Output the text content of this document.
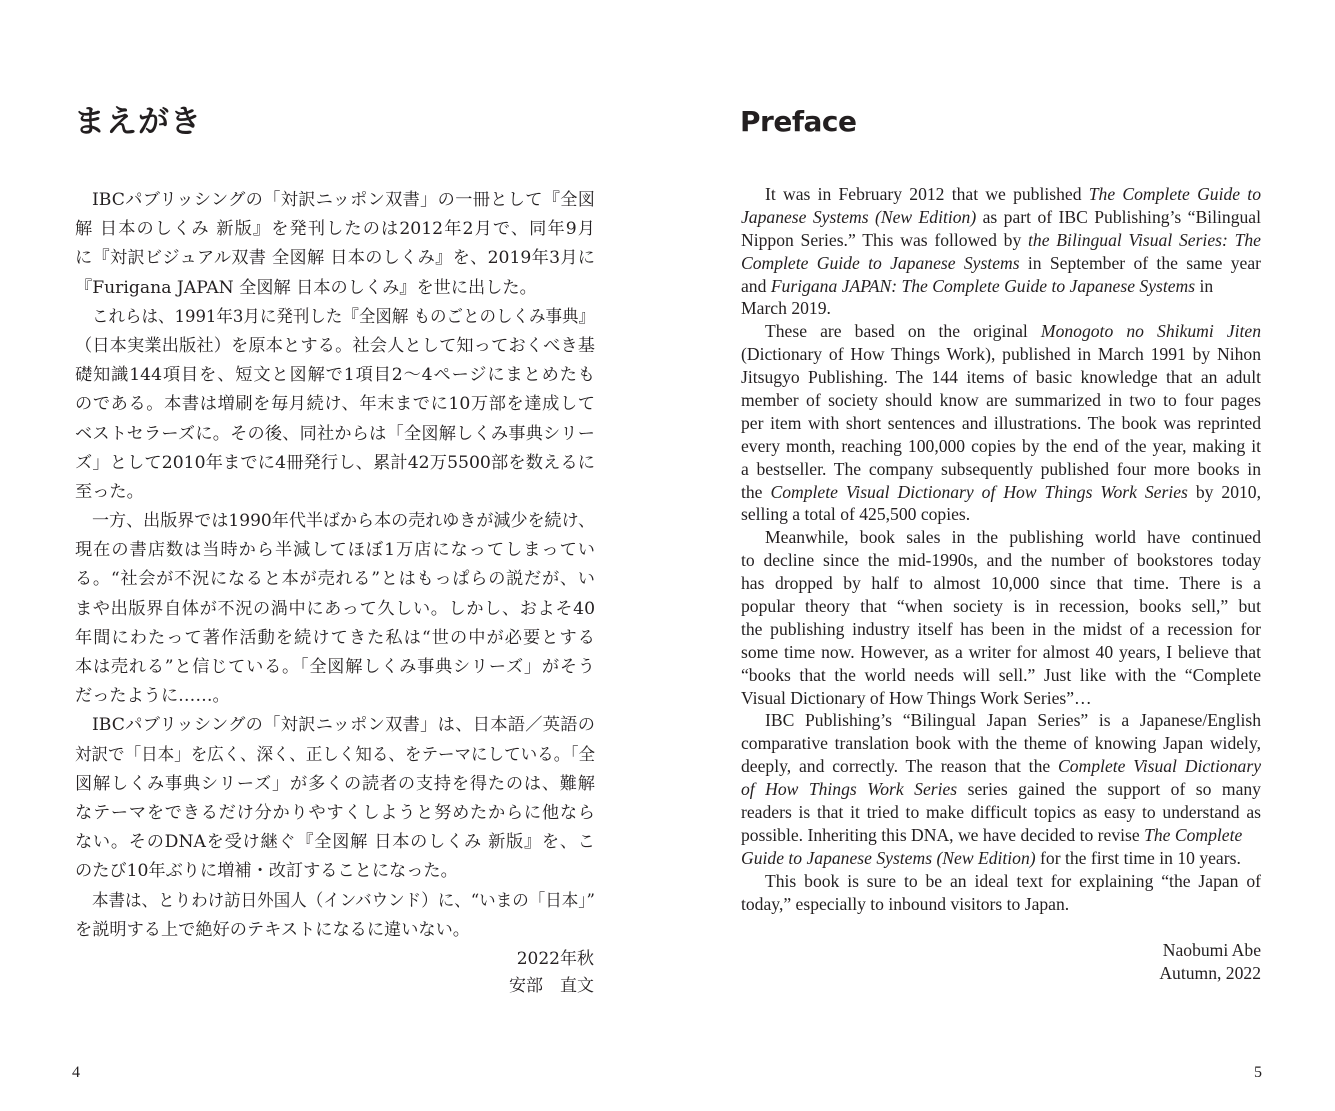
まえがき
IBCパブリッシングの「対訳ニッポン双書」の一冊として『全図
解 日本のしくみ 新版』を発刊したのは2012年2月で、同年9月
に『対訳ビジュアル双書 全図解 日本のしくみ』を、2019年3月に
『Furigana JAPAN 全図解 日本のしくみ』を世に出した。
これらは、1991年3月に発刊した『全図解 ものごとのしくみ事典』
（日本実業出版社）を原本とする。社会人として知っておくべき基
礎知識144項目を、短文と図解で1項目2〜4ページにまとめたも
のである。本書は増刷を毎月続け、年末までに10万部を達成して
ベストセラーズに。その後、同社からは「全図解しくみ事典シリー
ズ」として2010年までに4冊発行し、累計42万5500部を数えるに
至った。
一方、出版界では1990年代半ばから本の売れゆきが減少を続け、
現在の書店数は当時から半減してほぼ1万店になってしまってい
る。“社会が不況になると本が売れる”とはもっぱらの説だが、い
まや出版界自体が不況の渦中にあって久しい。しかし、およそ40
年間にわたって著作活動を続けてきた私は“世の中が必要とする
本は売れる”と信じている。「全図解しくみ事典シリーズ」がそう
だったように……。
IBCパブリッシングの「対訳ニッポン双書」は、日本語／英語の
対訳で「日本」を広く、深く、正しく知る、をテーマにしている。「全
図解しくみ事典シリーズ」が多くの読者の支持を得たのは、難解
なテーマをできるだけ分かりやすくしようと努めたからに他なら
ない。そのDNAを受け継ぐ『全図解 日本のしくみ 新版』を、こ
のたび10年ぶりに増補・改訂することになった。
本書は、とりわけ訪日外国人（インバウンド）に、“いまの「日本」”
を説明する上で絶好のテキストになるに違いない。
2022年秋
安部　直文
4
Preface
It was in February 2012 that we published The Complete Guide to
Japanese Systems (New Edition) as part of IBC Publishing’s “Bilingual
Nippon Series.” This was followed by the Bilingual Visual Series: The
Complete Guide to Japanese Systems in September of the same year
and Furigana JAPAN: The Complete Guide to Japanese Systems in
March 2019.
These are based on the original Monogoto no Shikumi Jiten
(Dictionary of How Things Work), published in March 1991 by Nihon
Jitsugyo Publishing. The 144 items of basic knowledge that an adult
member of society should know are summarized in two to four pages
per item with short sentences and illustrations. The book was reprinted
every month, reaching 100,000 copies by the end of the year, making it
a bestseller. The company subsequently published four more books in
the Complete Visual Dictionary of How Things Work Series by 2010,
selling a total of 425,500 copies.
Meanwhile, book sales in the publishing world have continued
to decline since the mid-1990s, and the number of bookstores today
has dropped by half to almost 10,000 since that time. There is a
popular theory that “when society is in recession, books sell,” but
the publishing industry itself has been in the midst of a recession for
some time now. However, as a writer for almost 40 years, I believe that
“books that the world needs will sell.” Just like with the “Complete
Visual Dictionary of How Things Work Series”…
IBC Publishing’s “Bilingual Japan Series” is a Japanese/English
comparative translation book with the theme of knowing Japan widely,
deeply, and correctly. The reason that the Complete Visual Dictionary
of How Things Work Series series gained the support of so many
readers is that it tried to make difficult topics as easy to understand as
possible. Inheriting this DNA, we have decided to revise The Complete
Guide to Japanese Systems (New Edition) for the first time in 10 years.
This book is sure to be an ideal text for explaining “the Japan of
today,” especially to inbound visitors to Japan.
Naobumi Abe
Autumn, 2022
5
